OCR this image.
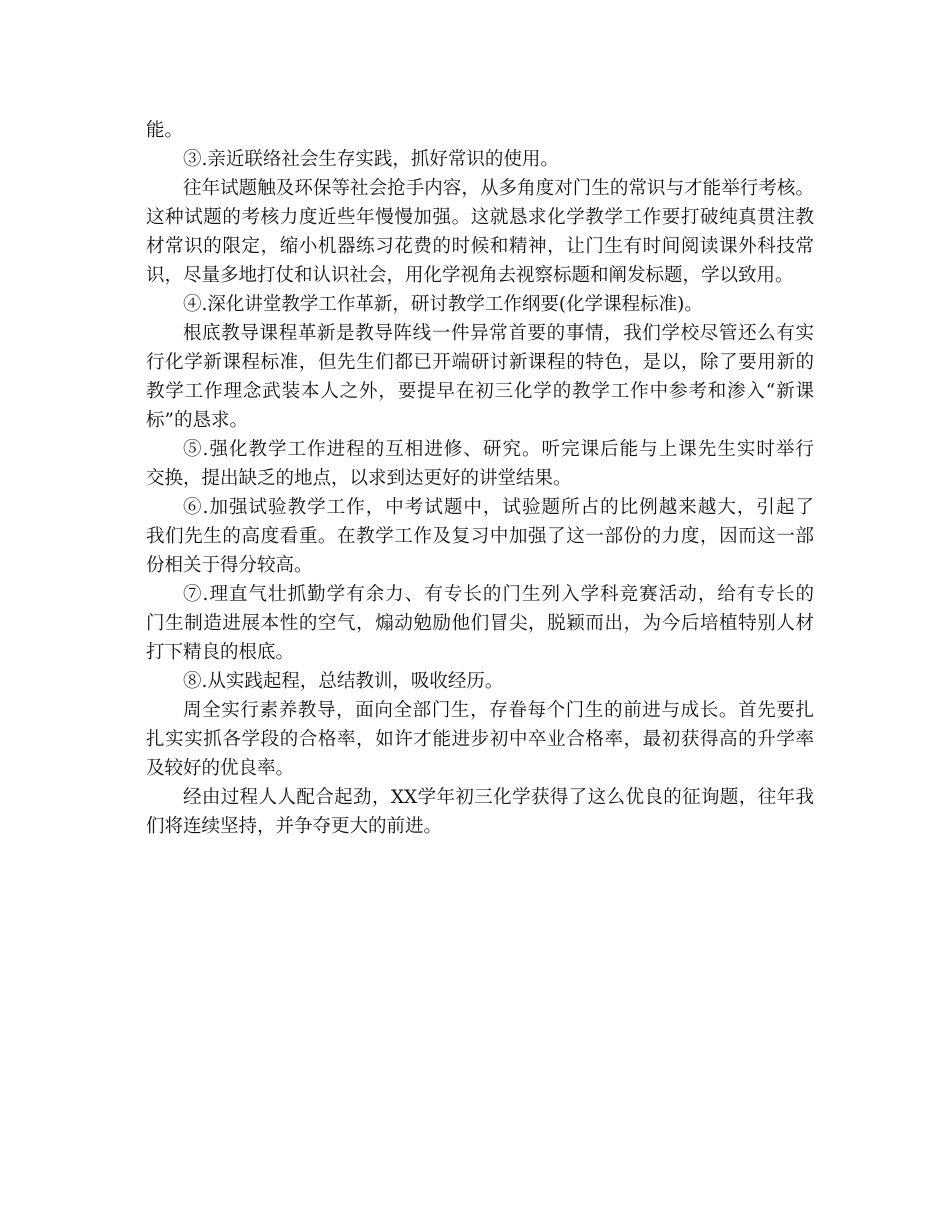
能。
③.亲近联络社会生存实践，抓好常识的使用。
往年试题触及环保等社会抢手内容，从多角度对门生的常识与才能举行考核。
这种试题的考核力度近些年慢慢加强。这就恳求化学教学工作要打破纯真贯注教
材常识的限定，缩小机器练习花费的时候和精神，让门生有时间阅读课外科技常
识，尽量多地打仗和认识社会，用化学视角去视察标题和阐发标题，学以致用。
④.深化讲堂教学工作革新，研讨教学工作纲要(化学课程标准)。
根底教导课程革新是教导阵线一件异常首要的事情，我们学校尽管还么有实
行化学新课程标准，但先生们都已开端研讨新课程的特色，是以，除了要用新的
教学工作理念武装本人之外，要提早在初三化学的教学工作中参考和渗入“新课
标”的恳求。
⑤.强化教学工作进程的互相进修、研究。听完课后能与上课先生实时举行
交换，提出缺乏的地点，以求到达更好的讲堂结果。
⑥.加强试验教学工作，中考试题中，试验题所占的比例越来越大，引起了
我们先生的高度看重。在教学工作及复习中加强了这一部份的力度，因而这一部
份相关于得分较高。
⑦.理直气壮抓勤学有余力、有专长的门生列入学科竞赛活动，给有专长的
门生制造进展本性的空气，煽动勉励他们冒尖，脱颖而出，为今后培植特别人材
打下精良的根底。
⑧.从实践起程，总结教训，吸收经历。
周全实行素养教导，面向全部门生，存眷每个门生的前进与成长。首先要扎
扎实实抓各学段的合格率，如许才能进步初中卒业合格率，最初获得高的升学率
及较好的优良率。
经由过程人人配合起劲，XX学年初三化学获得了这么优良的征询题，往年我
们将连续坚持，并争夺更大的前进。
